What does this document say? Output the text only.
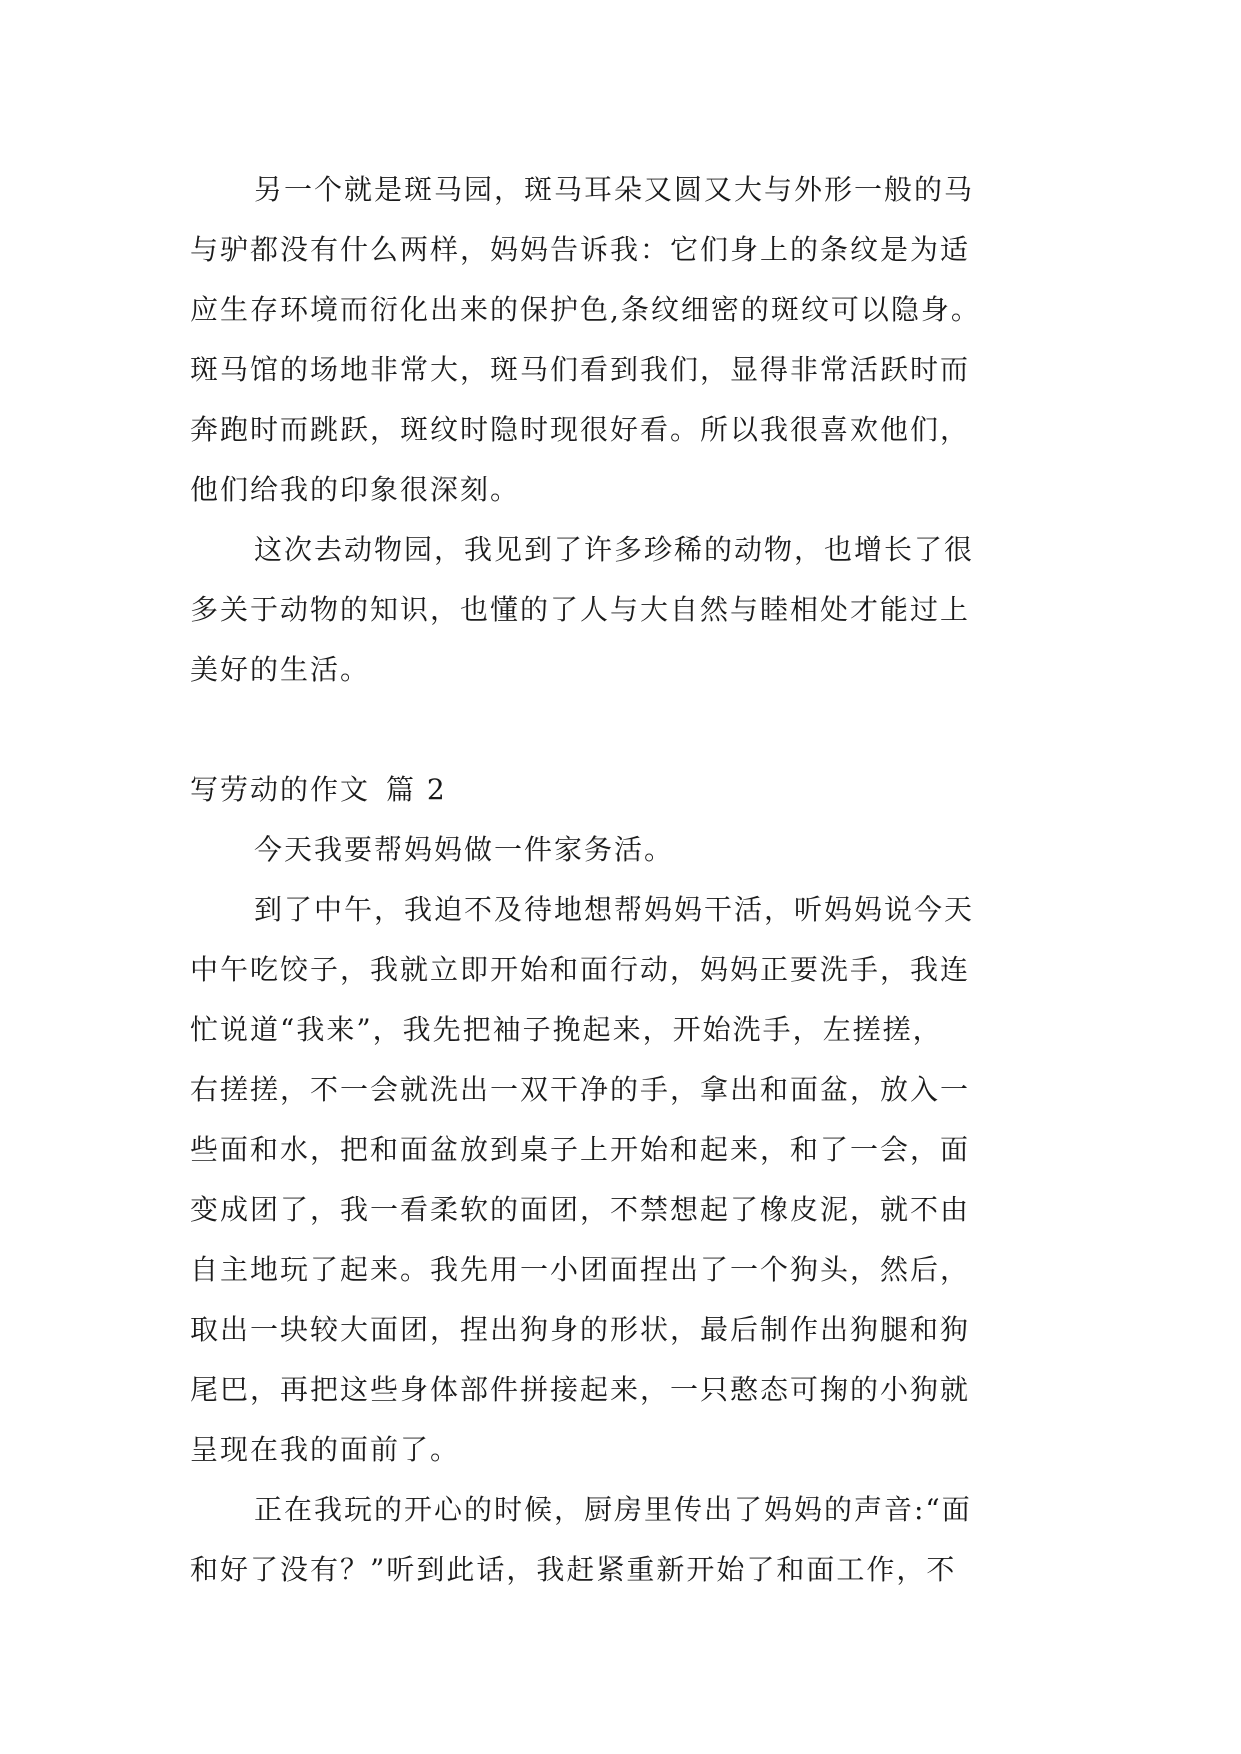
另一个就是斑马园，斑马耳朵又圆又大与外形一般的马
与驴都没有什么两样，妈妈告诉我：它们身上的条纹是为适
应生存环境而衍化出来的保护色,条纹细密的斑纹可以隐身。
斑马馆的场地非常大，斑马们看到我们，显得非常活跃时而
奔跑时而跳跃，斑纹时隐时现很好看。所以我很喜欢他们，
他们给我的印象很深刻。
这次去动物园，我见到了许多珍稀的动物，也增长了很
多关于动物的知识，也懂的了人与大自然与睦相处才能过上
美好的生活。
写劳动的作文 篇 2
今天我要帮妈妈做一件家务活。
到了中午，我迫不及待地想帮妈妈干活，听妈妈说今天
中午吃饺子，我就立即开始和面行动，妈妈正要洗手，我连
忙说道“我来”，我先把袖子挽起来，开始洗手，左搓搓，
右搓搓，不一会就洗出一双干净的手，拿出和面盆，放入一
些面和水，把和面盆放到桌子上开始和起来，和了一会，面
变成团了，我一看柔软的面团，不禁想起了橡皮泥，就不由
自主地玩了起来。我先用一小团面捏出了一个狗头，然后，
取出一块较大面团，捏出狗身的形状，最后制作出狗腿和狗
尾巴，再把这些身体部件拼接起来，一只憨态可掬的小狗就
呈现在我的面前了。
正在我玩的开心的时候，厨房里传出了妈妈的声音:“面
和好了没有？”听到此话，我赶紧重新开始了和面工作，不
